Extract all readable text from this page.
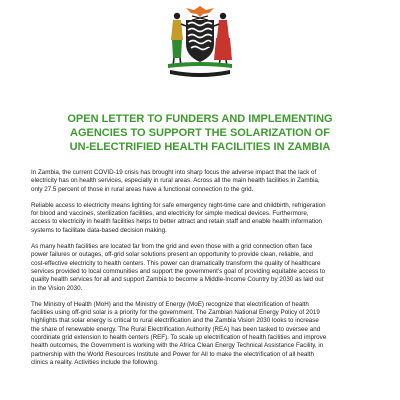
OPEN LETTER TO FUNDERS AND IMPLEMENTING
AGENCIES TO SUPPORT THE SOLARIZATION OF
UN-ELECTRIFIED HEALTH FACILITIES IN ZAMBIA

In Zambia, the current COVID-19 crisis has brought into sharp focus the adverse impact that the lack of
electricity has on health services, especially in rural areas. Across all the main health facilities in Zambia,
only 27.5 percent of those in rural areas have a functional connection to the grid.

Reliable access to electricity means lighting for safe emergency night-time care and childbirth, refrigeration
for blood and vaccines, sterilization facilities, and electricity for simple medical devices. Furthermore,
access to electricity in health facilities helps to better attract and retain staff and enable health information
systems to facilitate data-based decision making.

As many health facilities are located far from the grid and even those with a grid connection often face
power failures or outages, off-grid solar solutions present an opportunity to provide clean, reliable, and
cost-effective electricity to health centers. This power can dramatically transform the quality of healthcare
services provided to local communities and support the government’s goal of providing equitable access to
quality health services for all and support Zambia to become a Middle-Income Country by 2030 as laid out
in the Vision 2030.

The Ministry of Health (MoH) and the Ministry of Energy (MoE) recognize that electrification of health
facilities using off-grid solar is a priority for the government. The Zambian National Energy Policy of 2019
highlights that solar energy is critical to rural electrification and the Zambia Vision 2030 looks to increase
the share of renewable energy. The Rural Electrification Authority (REA) has been tasked to oversee and
coordinate grid extension to health centers (REF). To scale up electrification of health facilities and improve
health outcomes, the Government is working with the Africa Clean Energy Technical Assistance Facility, in
partnership with the World Resources Institute and Power for All to make the electrification of all health
clinics a reality. Activities include the following.
